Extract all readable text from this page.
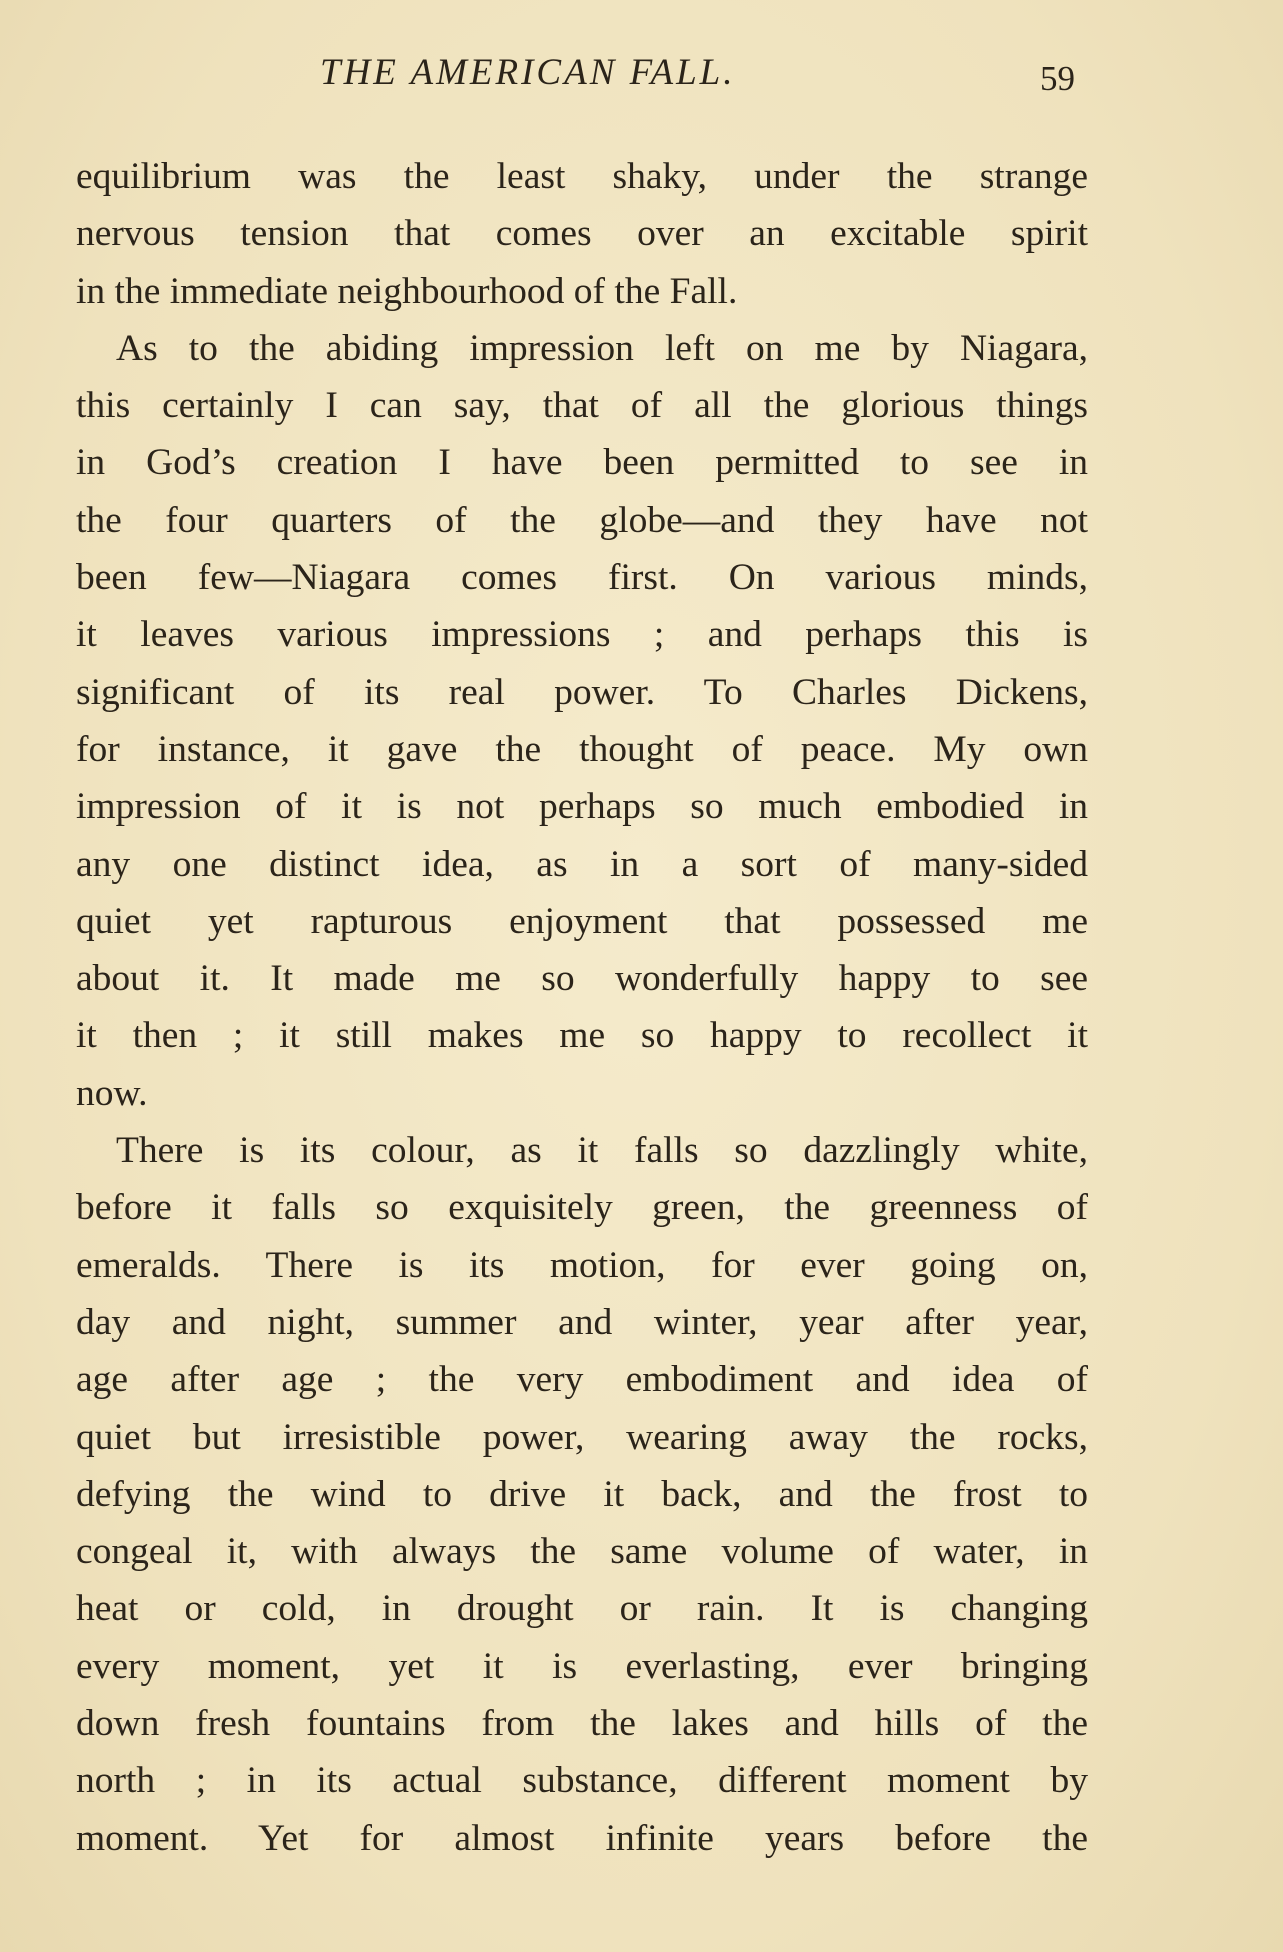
THE AMERICAN FALL.	59
equilibrium was the least shaky, under the strange
nervous tension that comes over an excitable spirit
in the immediate neighbourhood of the Fall.
As to the abiding impression left on me by Niagara,
this certainly I can say, that of all the glorious things
in God’s creation I have been permitted to see in
the four quarters of the globe—and they have not
been few—Niagara comes first. On various minds,
it leaves various impressions ; and perhaps this is
significant of its real power. To Charles Dickens,
for instance, it gave the thought of peace. My own
impression of it is not perhaps so much embodied in
any one distinct idea, as in a sort of many-sided
quiet yet rapturous enjoyment that possessed me
about it. It made me so wonderfully happy to see
it then ; it still makes me so happy to recollect it
now.
There is its colour, as it falls so dazzlingly white,
before it falls so exquisitely green, the greenness of
emeralds. There is its motion, for ever going on,
day and night, summer and winter, year after year,
age after age ; the very embodiment and idea of
quiet but irresistible power, wearing away the rocks,
defying the wind to drive it back, and the frost to
congeal it, with always the same volume of water, in
heat or cold, in drought or rain. It is changing
every moment, yet it is everlasting, ever bringing
down fresh fountains from the lakes and hills of the
north ; in its actual substance, different moment by
moment. Yet for almost infinite years before the
